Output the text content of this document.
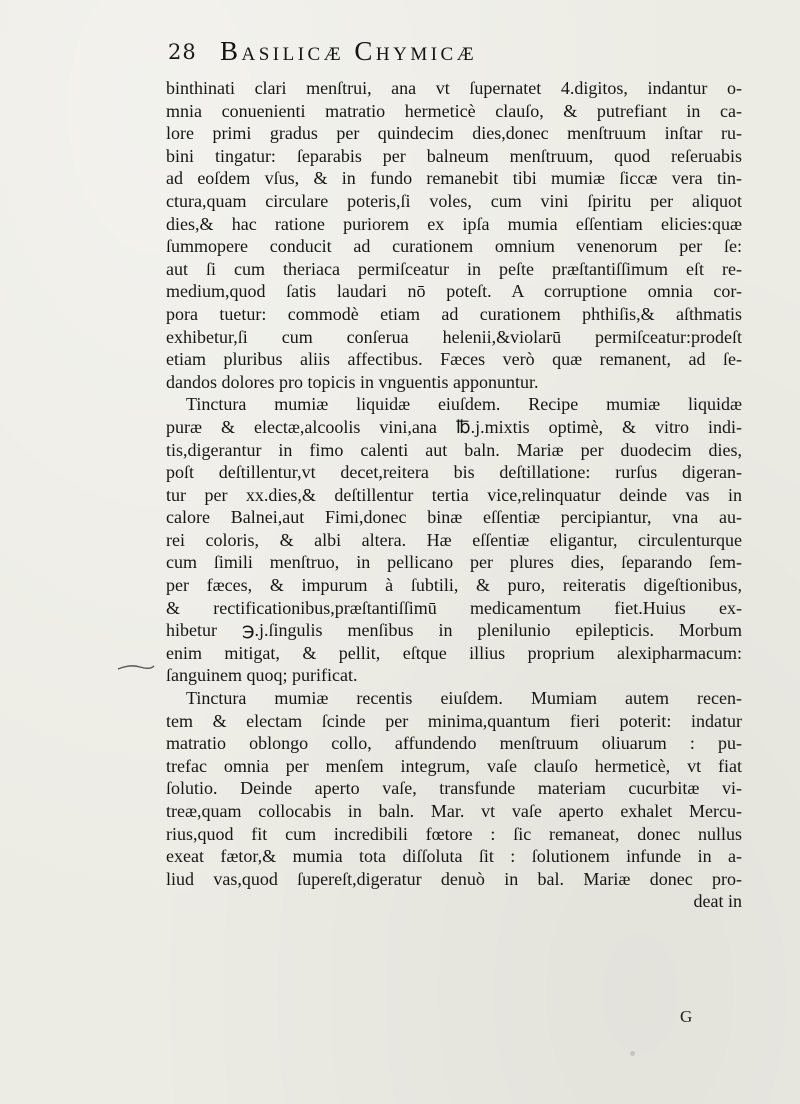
28 Basilicæ Chymicæ
binthinati clari menſtrui, ana vt ſupernatet 4.digitos, indantur o-
mnia conuenienti matratio hermeticè clauſo, & putrefiant in ca-
lore primi gradus per quindecim dies,donec menſtruum inſtar ru-
bini tingatur: ſeparabis per balneum menſtruum, quod reſeruabis
ad eoſdem vſus, & in fundo remanebit tibi mumiæ ſiccæ vera tin-
ctura,quam circulare poteris,ſi voles, cum vini ſpiritu per aliquot
dies,& hac ratione puriorem ex ipſa mumia eſſentiam elicies:quæ
ſummopere conducit ad curationem omnium venenorum per ſe:
aut ſi cum theriaca permiſceatur in peſte præſtantiſſimum eſt re-
medium,quod ſatis laudari nō poteſt. A corruptione omnia cor-
pora tuetur: commodè etiam ad curationem phthiſis,& aſthmatis
exhibetur,ſi cum conſerua helenii,&violarū permiſceatur:prodeſt
etiam pluribus aliis affectibus. Fæces verò quæ remanent, ad ſe-
dandos dolores pro topicis in vnguentis apponuntur.
Tinctura mumiæ liquidæ eiuſdem. Recipe mumiæ liquidæ
puræ & electæ,alcoolis vini,ana ℔.j.mixtis optimè, & vitro indi-
tis,digerantur in fimo calenti aut baln. Mariæ per duodecim dies,
poſt deſtillentur,vt decet,reitera bis deſtillatione: rurſus digeran-
tur per xx.dies,& deſtillentur tertia vice,relinquatur deinde vas in
calore Balnei,aut Fimi,donec binæ eſſentiæ percipiantur, vna au-
rei coloris, & albi altera. Hæ eſſentiæ eligantur, circulenturque
cum ſimili menſtruo, in pellicano per plures dies, ſeparando ſem-
per fæces, & impurum à ſubtili, & puro, reiteratis digeſtionibus,
& rectificationibus,præſtantiſſimū medicamentum fiet.Huius ex-
hibetur ℈.j.ſingulis menſibus in plenilunio epilepticis. Morbum
enim mitigat, & pellit, eſtque illius proprium alexipharmacum:
ſanguinem quoq; purificat.
Tinctura mumiæ recentis eiuſdem. Mumiam autem recen-
tem & electam ſcinde per minima,quantum fieri poterit: indatur
matratio oblongo collo, affundendo menſtruum oliuarum : pu-
trefac omnia per menſem integrum, vaſe clauſo hermeticè, vt fiat
ſolutio. Deinde aperto vaſe, transfunde materiam cucurbitæ vi-
treæ,quam collocabis in baln. Mar. vt vaſe aperto exhalet Mercu-
rius,quod fit cum incredibili fœtore : ſic remaneat, donec nullus
exeat fætor,& mumia tota diſſoluta ſit : ſolutionem infunde in a-
liud vas,quod ſupereſt,digeratur denuò in bal. Mariæ donec pro-
deat in
G
